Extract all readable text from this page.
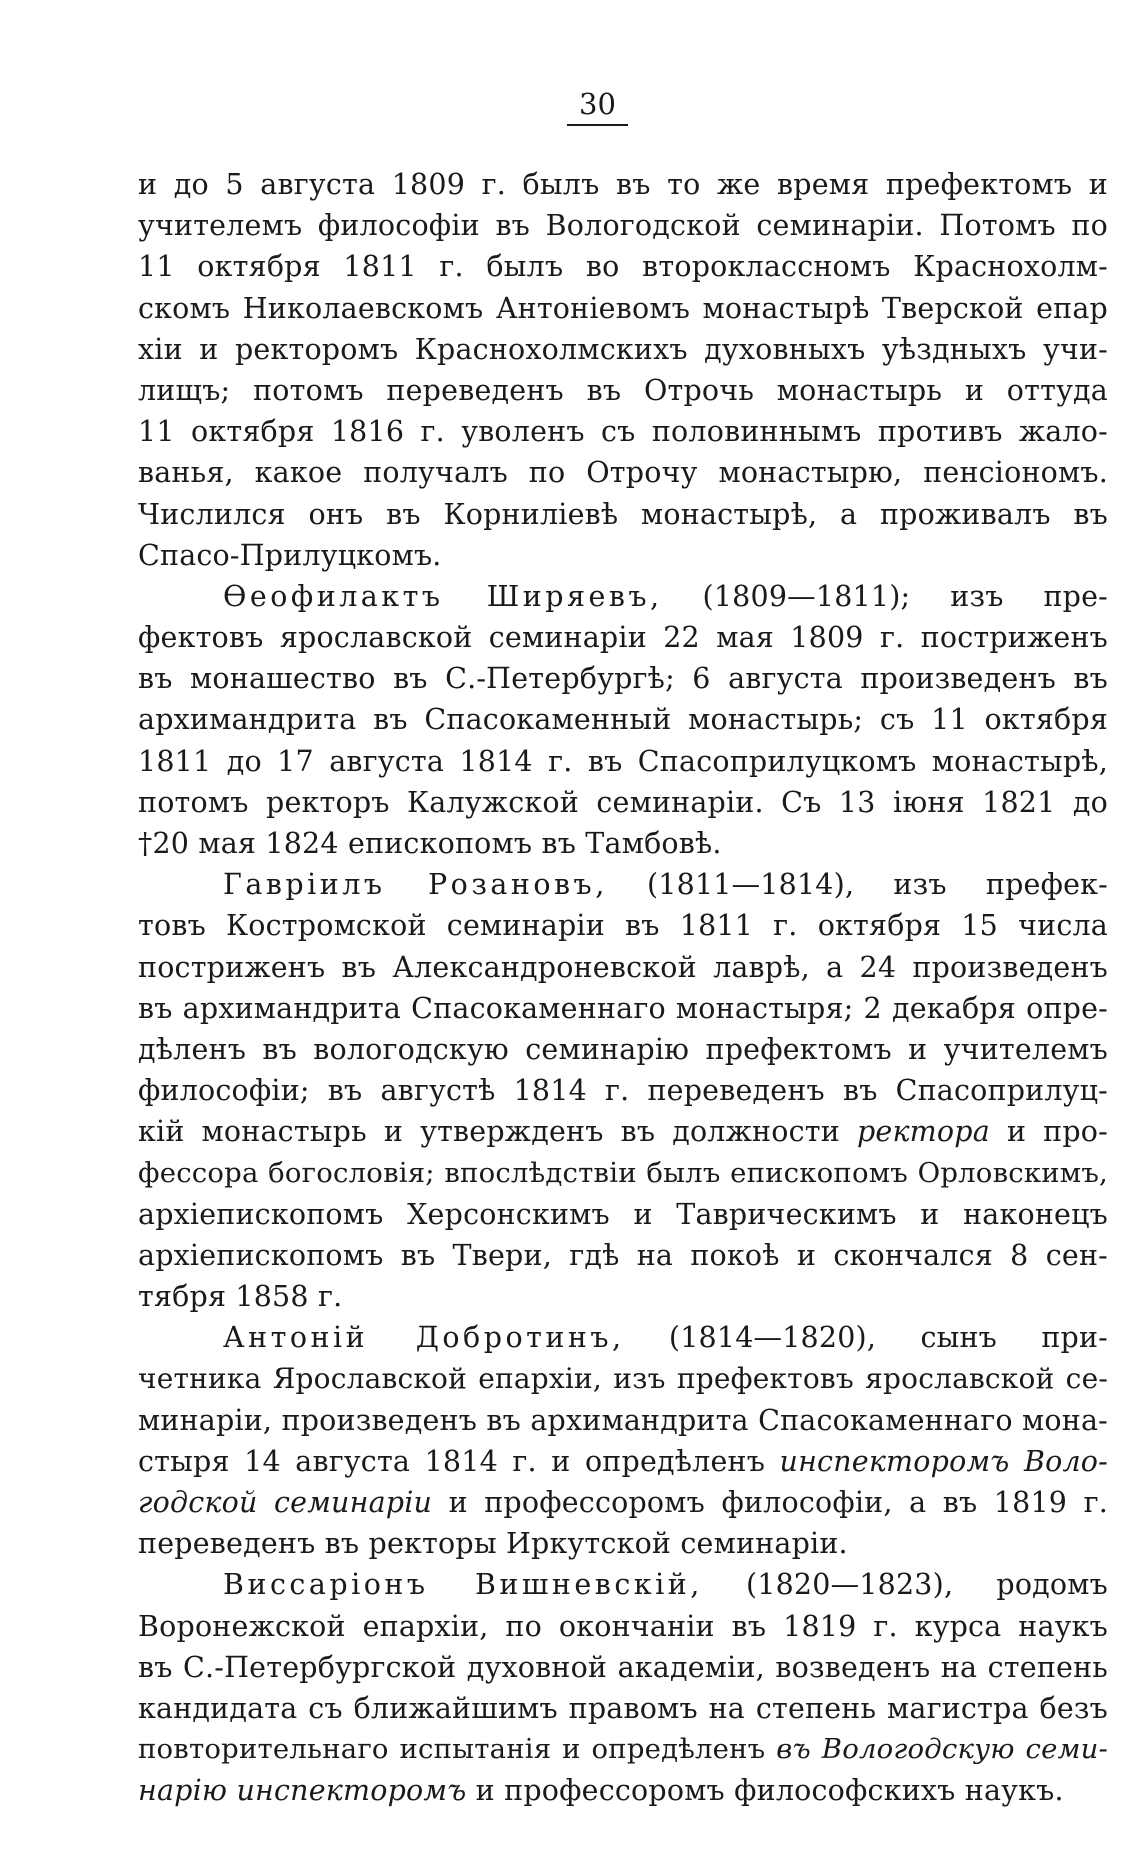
30
и до 5 августа 1809 г. былъ въ то же время префектомъ и
учителемъ философіи въ Вологодской семинаріи. Потомъ по
11 октября 1811 г. былъ во второклассномъ Краснохолм-
скомъ Николаевскомъ Антоніевомъ монастырѣ Тверской епар
хіи и ректоромъ Краснохолмскихъ духовныхъ уѣздныхъ учи-
лищъ; потомъ переведенъ въ Отрочь монастырь и оттуда
11 октября 1816 г. уволенъ съ половиннымъ противъ жало-
ванья, какое получалъ по Отрочу монастырю, пенсіономъ.
Числился онъ въ Корниліевѣ монастырѣ, а проживалъ въ
Спасо-Прилуцкомъ.
Ѳеофилактъ Ширяевъ, (1809—1811); изъ пре-
фектовъ ярославской семинаріи 22 мая 1809 г. постриженъ
въ монашество въ С.-Петербургѣ; 6 августа произведенъ въ
архимандрита въ Спасокаменный монастырь; съ 11 октября
1811 до 17 августа 1814 г. въ Спасоприлуцкомъ монастырѣ,
потомъ ректоръ Калужской семинаріи. Съ 13 іюня 1821 до
†20 мая 1824 епископомъ въ Тамбовѣ.
Гавріилъ Розановъ, (1811—1814), изъ префек-
товъ Костромской семинаріи въ 1811 г. октября 15 числа
постриженъ въ Александроневской лаврѣ, а 24 произведенъ
въ архимандрита Спасокаменнаго монастыря; 2 декабря опре-
дѣленъ въ вологодскую семинарію префектомъ и учителемъ
философіи; въ августѣ 1814 г. переведенъ въ Спасоприлуц-
кій монастырь и утвержденъ въ должности ректора и про-
фессора богословія; впослѣдствіи былъ епископомъ Орловскимъ,
архіепископомъ Херсонскимъ и Таврическимъ и наконецъ
архіепископомъ въ Твери, гдѣ на покоѣ и скончался 8 сен-
тября 1858 г.
Антоній Добротинъ, (1814—1820), сынъ при-
четника Ярославской епархіи, изъ префектовъ ярославской се-
минаріи, произведенъ въ архимандрита Спасокаменнаго мона-
стыря 14 августа 1814 г. и опредѣленъ инспекторомъ Воло-
годской семинаріи и профессоромъ философіи, а въ 1819 г.
переведенъ въ ректоры Иркутской семинаріи.
Виссаріонъ Вишневскій, (1820—1823), родомъ
Воронежской епархіи, по окончаніи въ 1819 г. курса наукъ
въ С.-Петербургской духовной академіи, возведенъ на степень
кандидата съ ближайшимъ правомъ на степень магистра безъ
повторительнаго испытанія и опредѣленъ въ Вологодскую семи-
нарію инспекторомъ и профессоромъ философскихъ наукъ.
